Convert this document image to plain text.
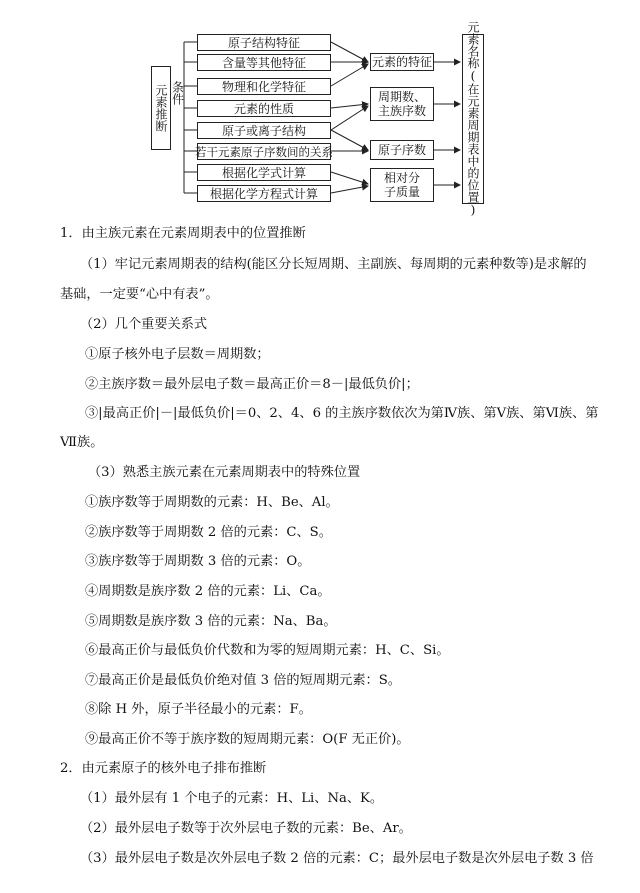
元素推断 条件
原子结构特征
含量等其他特征
物理和化学特征
元素的性质
原子或离子结构
若干元素原子序数间的关系
根据化学式计算
根据化学方程式计算
元素的特征
周期数、主族序数
原子序数
相对分子质量	元素名称(在元素周期表中的位置)
1．由主族元素在元素周期表中的位置推断
（1）牢记元素周期表的结构(能区分长短周期、主副族、每周期的元素种数等)是求解的
基础，一定要“心中有表”。
（2）几个重要关系式
①原子核外电子层数＝周期数；
②主族序数＝最外层电子数＝最高正价＝8－|最低负价|；
③|最高正价|－|最低负价|＝0、2、4、6 的主族序数依次为第Ⅳ族、第Ⅴ族、第Ⅵ族、第
Ⅶ族。
（3）熟悉主族元素在元素周期表中的特殊位置
①族序数等于周期数的元素：H、Be、Al。
②族序数等于周期数 2 倍的元素：C、S。
③族序数等于周期数 3 倍的元素：O。
④周期数是族序数 2 倍的元素：Li、Ca。
⑤周期数是族序数 3 倍的元素：Na、Ba。
⑥最高正价与最低负价代数和为零的短周期元素：H、C、Si。
⑦最高正价是最低负价绝对值 3 倍的短周期元素：S。
⑧除 H 外，原子半径最小的元素：F。
⑨最高正价不等于族序数的短周期元素：O(F 无正价)。
2．由元素原子的核外电子排布推断
（1）最外层有 1 个电子的元素：H、Li、Na、K。
（2）最外层电子数等于次外层电子数的元素：Be、Ar。
（3）最外层电子数是次外层电子数 2 倍的元素：C；最外层电子数是次外层电子数 3 倍
